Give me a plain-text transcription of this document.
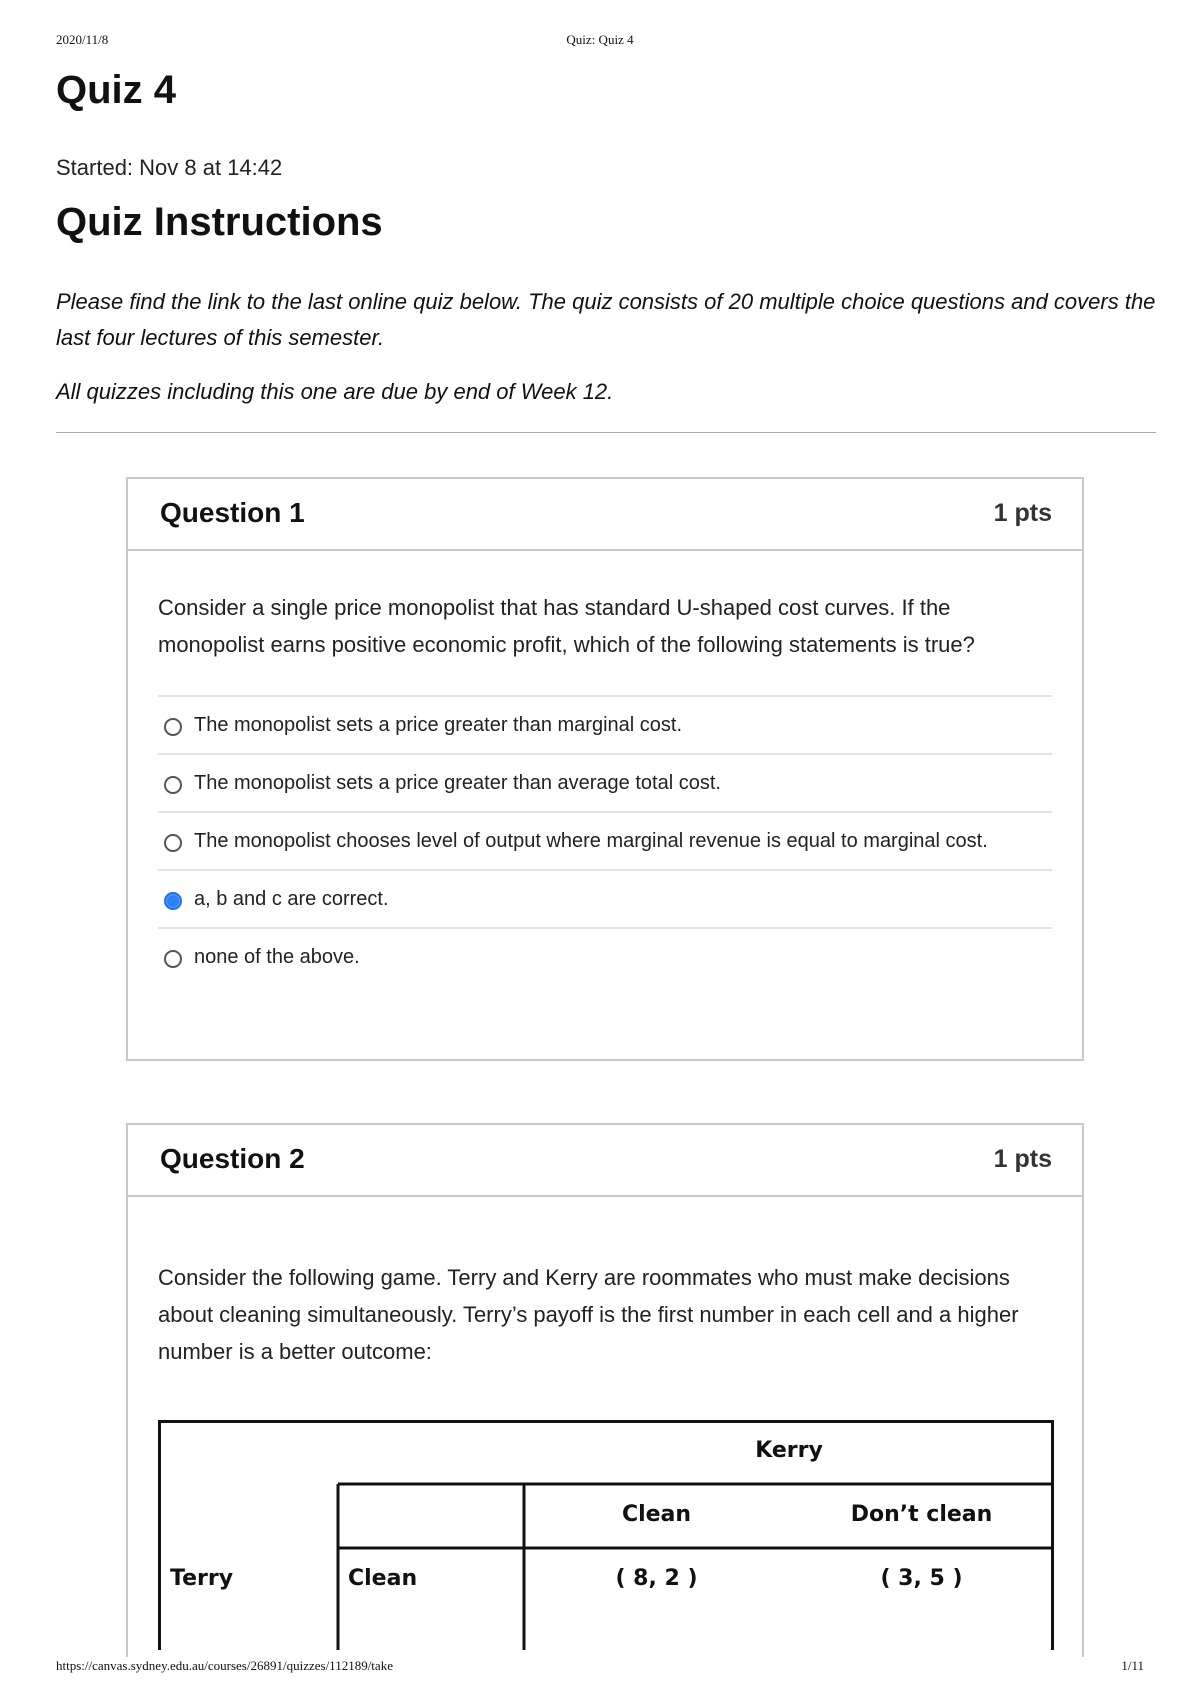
2020/11/8	Quiz: Quiz 4
Quiz 4
Started: Nov 8 at 14:42
Quiz Instructions

Please find the link to the last online quiz below. The quiz consists of 20 multiple choice questions and covers the last four lectures of this semester.

All quizzes including this one are due by end of Week 12.

Question 1	1 pts
Consider a single price monopolist that has standard U-shaped cost curves. If the monopolist earns positive economic profit, which of the following statements is true?
The monopolist sets a price greater than marginal cost.
The monopolist sets a price greater than average total cost.
The monopolist chooses level of output where marginal revenue is equal to marginal cost.
a, b and c are correct.
none of the above.
Question 2	1 pts
Consider the following game. Terry and Kerry are roommates who must make decisions about cleaning simultaneously. Terry’s payoff is the first number in each cell and a higher number is a better outcome:
Kerry
Clean	Don’t clean
Terry	Clean	( 8, 2 )	( 3, 5 )
https://canvas.sydney.edu.au/courses/26891/quizzes/112189/take	1/11
